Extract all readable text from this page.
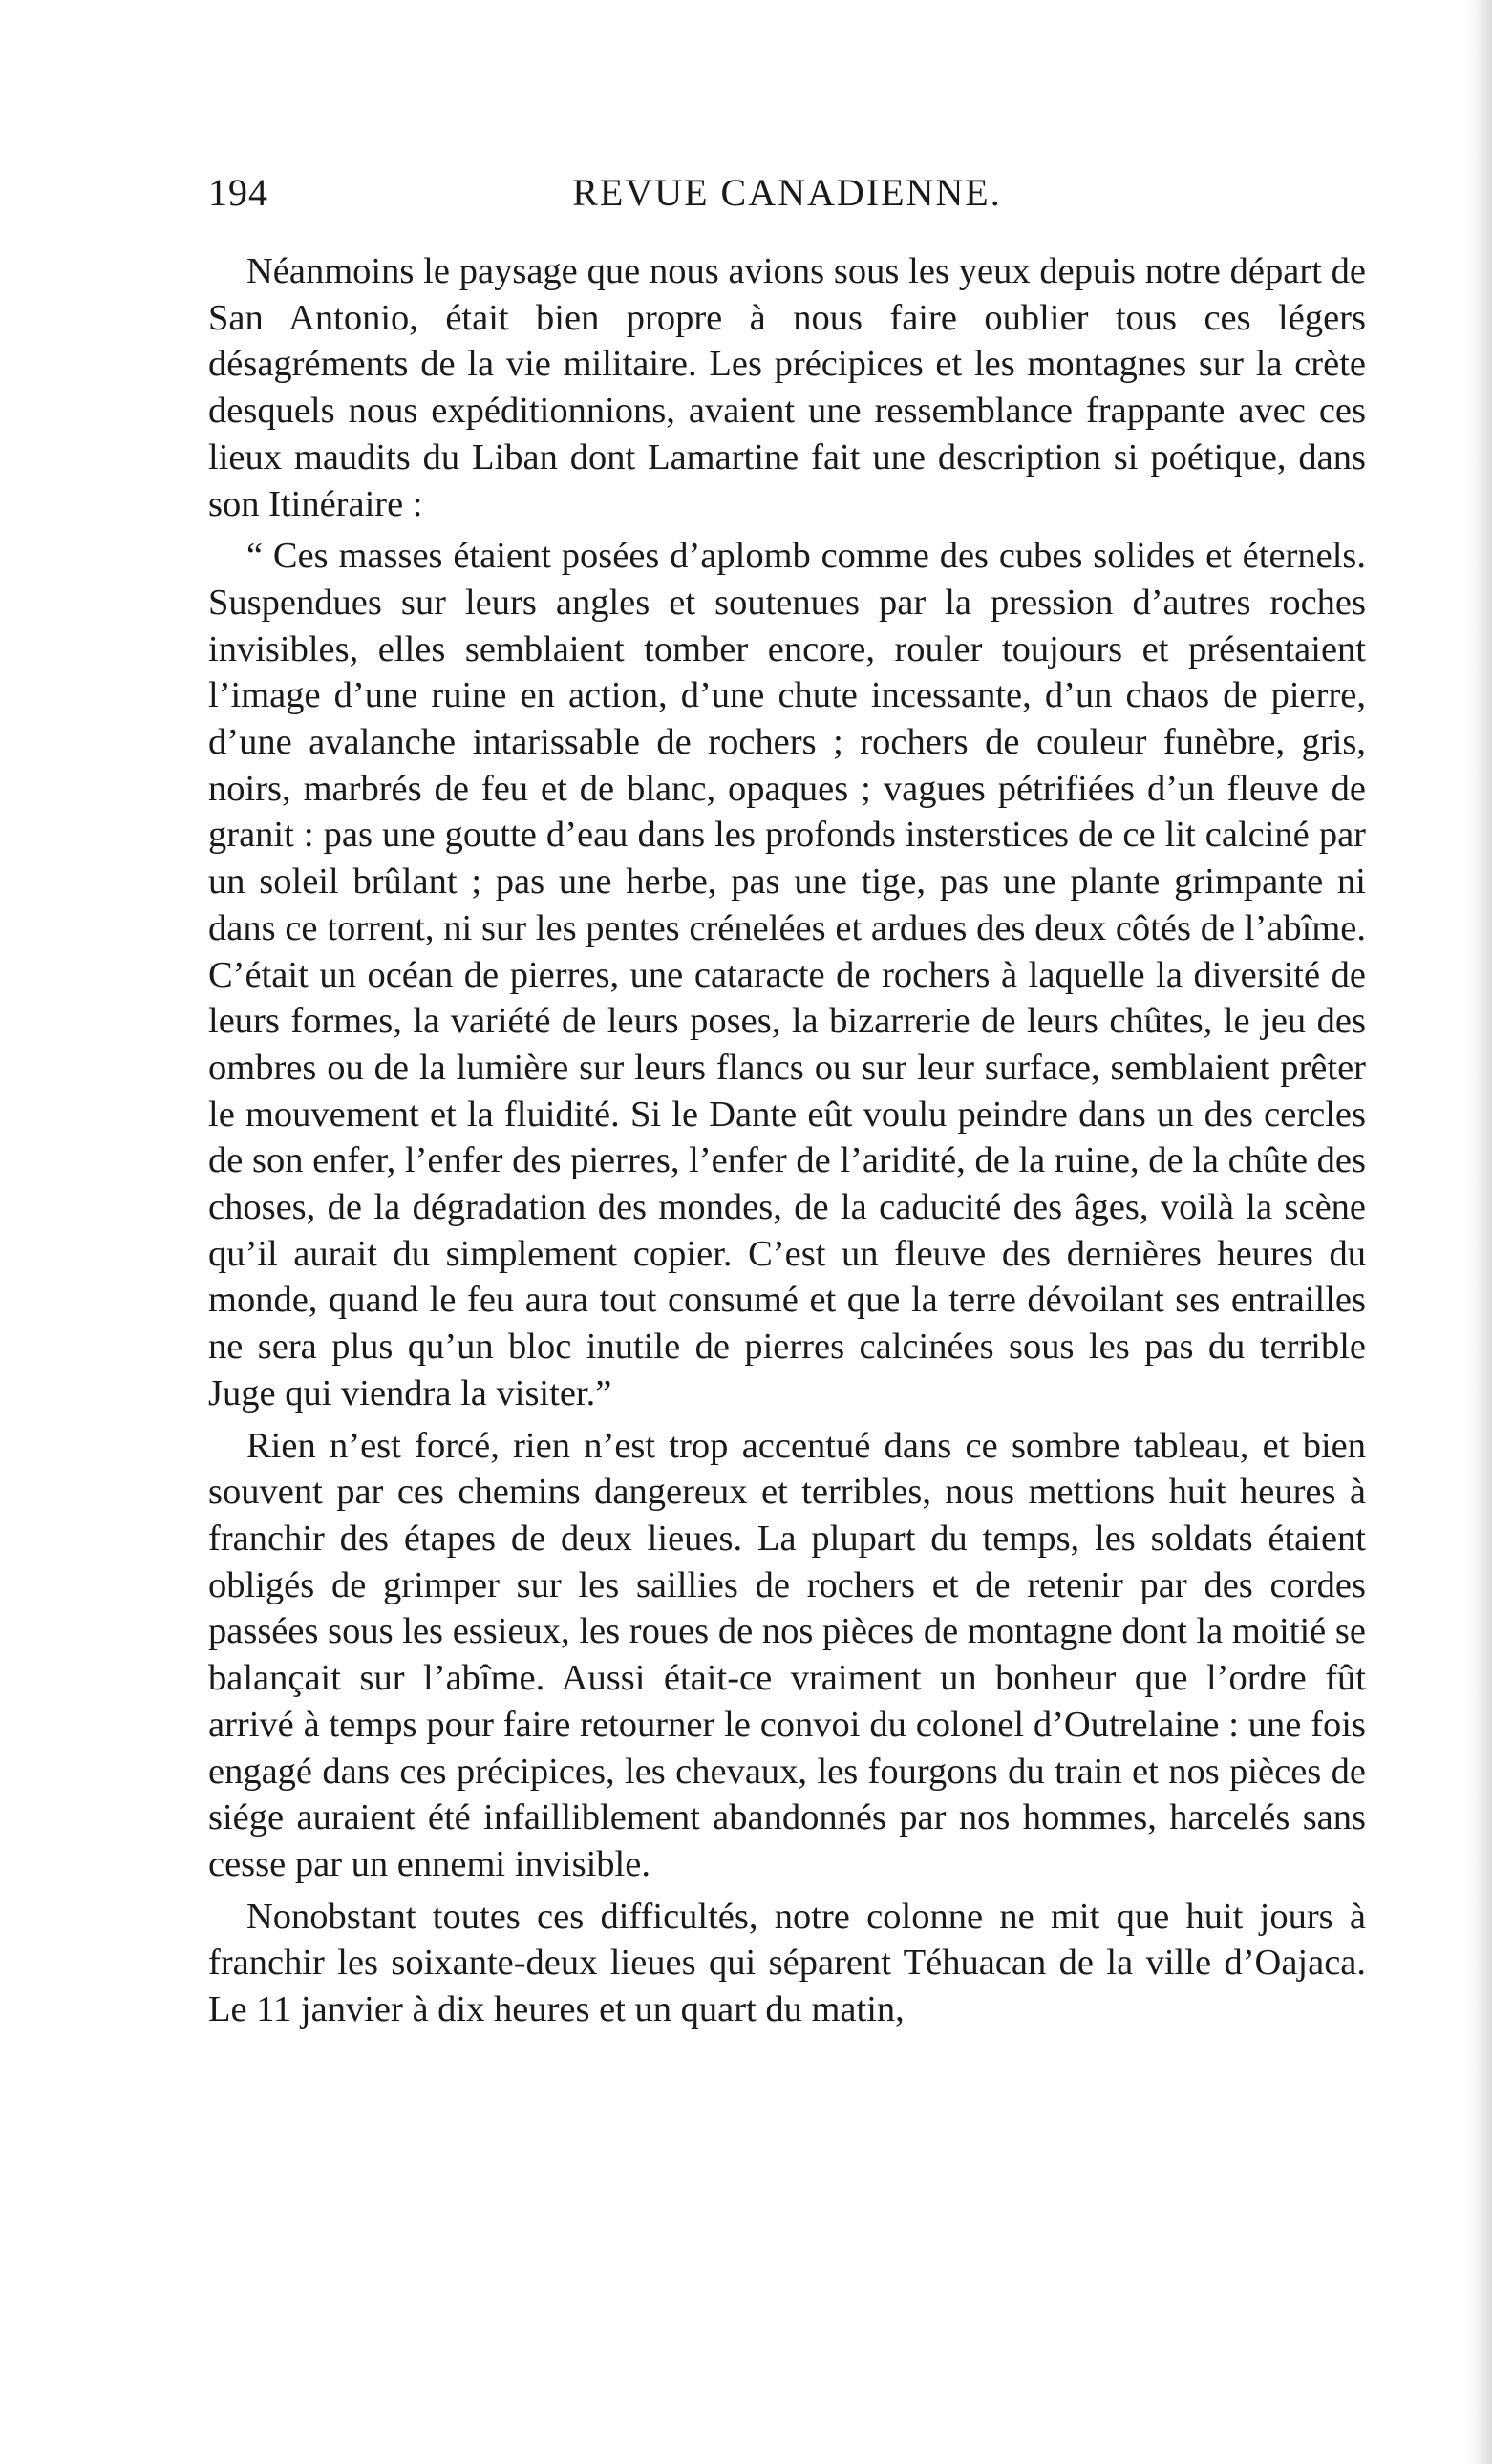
194	REVUE CANADIENNE.

Néanmoins le paysage que nous avions sous les yeux depuis notre départ de San Antonio, était bien propre à nous faire oublier tous ces légers désagréments de la vie militaire. Les précipices et les montagnes sur la crète desquels nous expéditionnions, avaient une ressemblance frappante avec ces lieux maudits du Liban dont Lamartine fait une description si poétique, dans son Itinéraire :

“ Ces masses étaient posées d’aplomb comme des cubes solides et éternels. Suspendues sur leurs angles et soutenues par la pression d’autres roches invisibles, elles semblaient tomber encore, rouler toujours et présentaient l’image d’une ruine en action, d’une chute incessante, d’un chaos de pierre, d’une avalanche intarissable de rochers ; rochers de couleur funèbre, gris, noirs, marbrés de feu et de blanc, opaques ; vagues pétrifiées d’un fleuve de granit : pas une goutte d’eau dans les profonds insterstices de ce lit calciné par un soleil brûlant ; pas une herbe, pas une tige, pas une plante grimpante ni dans ce torrent, ni sur les pentes crénelées et ardues des deux côtés de l’abîme. C’était un océan de pierres, une cataracte de rochers à laquelle la diversité de leurs formes, la variété de leurs poses, la bizarrerie de leurs chûtes, le jeu des ombres ou de la lumière sur leurs flancs ou sur leur surface, semblaient prêter le mouvement et la fluidité. Si le Dante eût voulu peindre dans un des cercles de son enfer, l’enfer des pierres, l’enfer de l’aridité, de la ruine, de la chûte des choses, de la dégradation des mondes, de la caducité des âges, voilà la scène qu’il aurait du simplement copier. C’est un fleuve des dernières heures du monde, quand le feu aura tout consumé et que la terre dévoilant ses entrailles ne sera plus qu’un bloc inutile de pierres calcinées sous les pas du terrible Juge qui viendra la visiter.”

Rien n’est forcé, rien n’est trop accentué dans ce sombre tableau, et bien souvent par ces chemins dangereux et terribles, nous mettions huit heures à franchir des étapes de deux lieues. La plupart du temps, les soldats étaient obligés de grimper sur les saillies de rochers et de retenir par des cordes passées sous les essieux, les roues de nos pièces de montagne dont la moitié se balançait sur l’abîme. Aussi était-ce vraiment un bonheur que l’ordre fût arrivé à temps pour faire retourner le convoi du colonel d’Outrelaine : une fois engagé dans ces précipices, les chevaux, les fourgons du train et nos pièces de siége auraient été infailliblement abandonnés par nos hommes, harcelés sans cesse par un ennemi invisible.

Nonobstant toutes ces difficultés, notre colonne ne mit que huit jours à franchir les soixante-deux lieues qui séparent Téhuacan de la ville d’Oajaca. Le 11 janvier à dix heures et un quart du matin,
